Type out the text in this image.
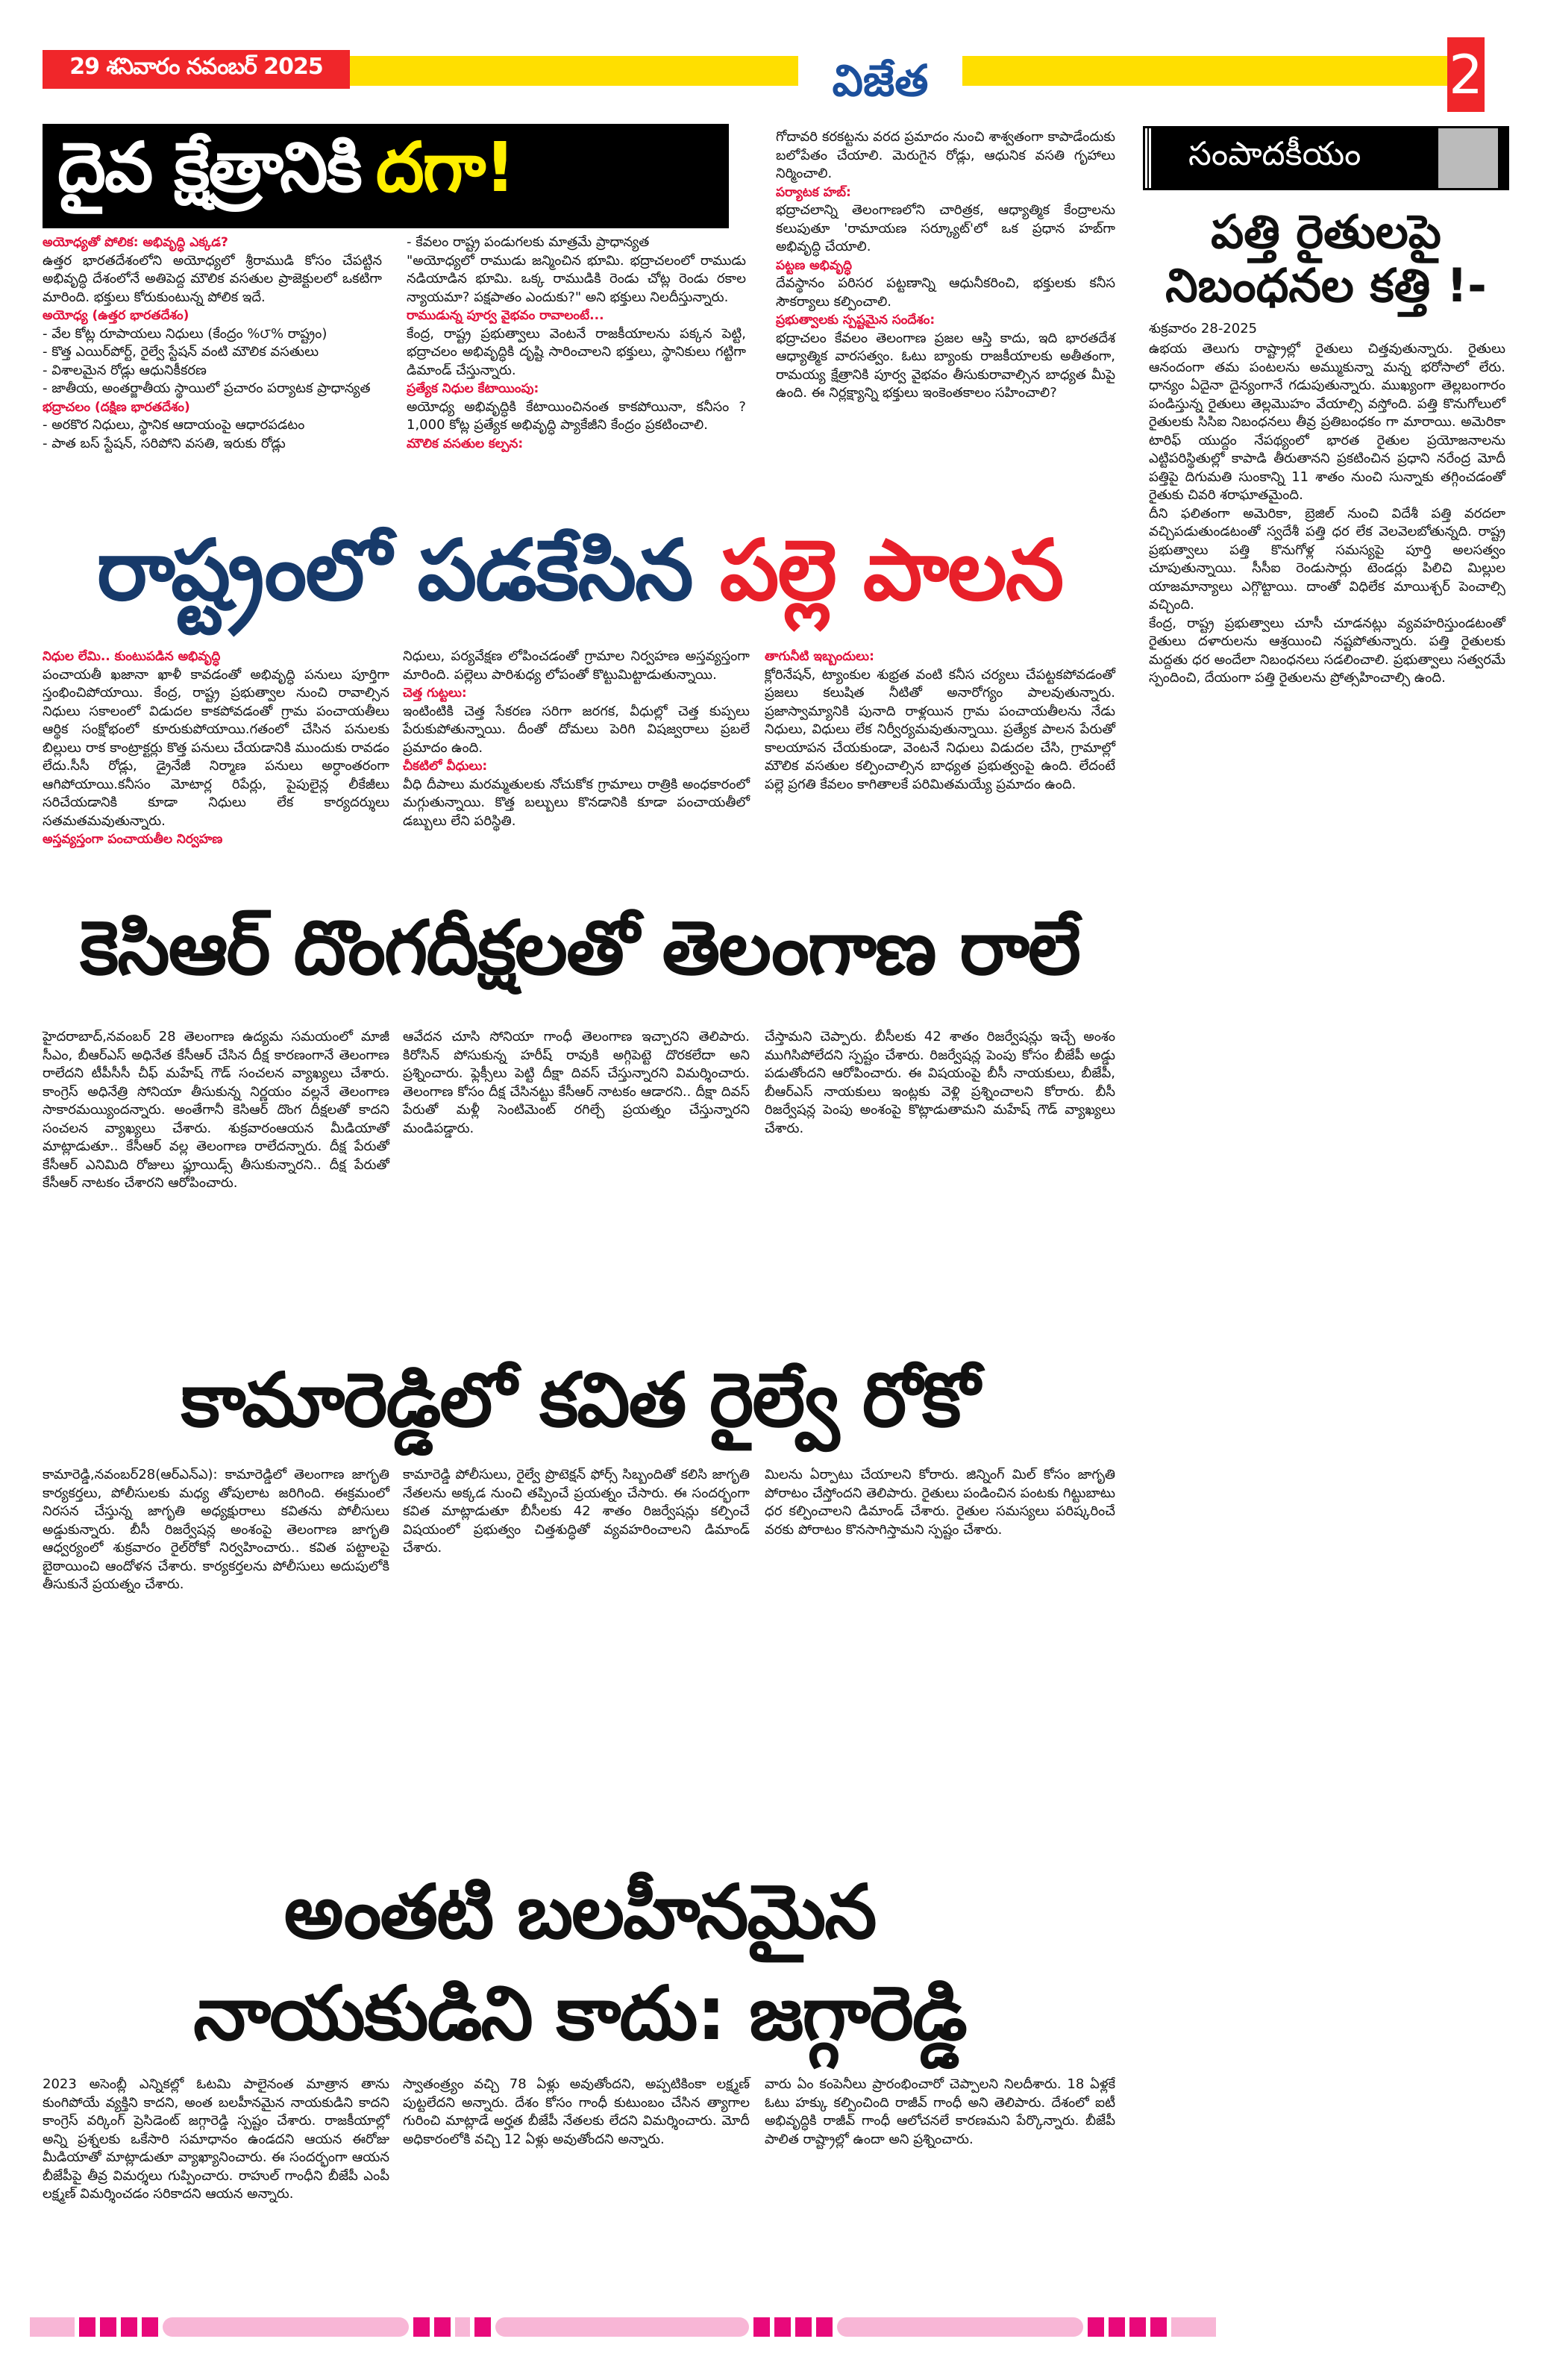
29 శనివారం నవంబర్ 2025	విజేత	2
దైవ క్షేత్రానికి దగా!

అయోధ్యతో పోలిక: అభివృద్ధి ఎక్కడ?

ఉత్తర భారతదేశంలోని అయోధ్యలో శ్రీరాముడి కోసం చేపట్టిన అభివృద్ధి దేశంలోనే అతిపెద్ద మౌలిక వసతుల ప్రాజెక్టులలో ఒకటిగా మారింది. భక్తులు కోరుకుంటున్న పోలిక ఇదే.

అయోధ్య (ఉత్తర భారతదేశం)

- వేల కోట్ల రూపాయలు నిధులు (కేంద్రం %౮% రాష్ట్రం)

- కొత్త ఎయిర్‌పోర్ట్, రైల్వే స్టేషన్ వంటి మౌలిక వసతులు

- విశాలమైన రోడ్లు ఆధునికీకరణ

- జాతీయ, అంతర్జాతీయ స్థాయిలో ప్రచారం పర్యాటక ప్రాధాన్యత

భద్రాచలం (దక్షిణ భారతదేశం)

- అరకొర నిధులు, స్థానిక ఆదాయంపై ఆధారపడటం

- పాత బస్ స్టేషన్, సరిపోని వసతి, ఇరుకు రోడ్లు

- కేవలం రాష్ట్ర పండుగలకు మాత్రమే ప్రాధాన్యత

"అయోధ్యలో రాముడు జన్మించిన భూమి. భద్రాచలంలో రాముడు నడియాడిన భూమి. ఒక్క రాముడికి రెండు చోట్ల రెండు రకాల న్యాయమా? పక్షపాతం ఎందుకు?" అని భక్తులు నిలదీస్తున్నారు.

రాముడున్న పూర్వ వైభవం రావాలంటే...

కేంద్ర, రాష్ట్ర ప్రభుత్వాలు వెంటనే రాజకీయాలను పక్కన పెట్టి, భద్రాచలం అభివృద్ధికి దృష్టి సారించాలని భక్తులు, స్థానికులు గట్టిగా డిమాండ్ చేస్తున్నారు.

ప్రత్యేక నిధుల కేటాయింపు:

అయోధ్య అభివృద్ధికి కేటాయించినంత కాకపోయినా, కనీసం ?1,000 కోట్ల ప్రత్యేక అభివృద్ధి ప్యాకేజీని కేంద్రం ప్రకటించాలి.

మౌలిక వసతుల కల్పన:

గోదావరి కరకట్టను వరద ప్రమాదం నుంచి శాశ్వతంగా కాపాడేందుకు బలోపేతం చేయాలి. మెరుగైన రోడ్లు, ఆధునిక వసతి గృహాలు నిర్మించాలి.

పర్యాటక హబ్:

భద్రాచలాన్ని తెలంగాణలోని చారిత్రక, ఆధ్యాత్మిక కేంద్రాలను కలుపుతూ 'రామాయణ సర్క్యూట్'లో ఒక ప్రధాన హబ్‌గా అభివృద్ధి చేయాలి.

పట్టణ అభివృద్ధి

దేవస్థానం పరిసర పట్టణాన్ని ఆధునీకరించి, భక్తులకు కనీస సౌకర్యాలు కల్పించాలి.

ప్రభుత్వాలకు స్పష్టమైన సందేశం:

భద్రాచలం కేవలం తెలంగాణ ప్రజల ఆస్తి కాదు, ఇది భారతదేశ ఆధ్యాత్మిక వారసత్వం. ఓటు బ్యాంకు రాజకీయాలకు అతీతంగా, రామయ్య క్షేత్రానికి పూర్వ వైభవం తీసుకురావాల్సిన బాధ్యత మీపై ఉంది. ఈ నిర్లక్ష్యాన్ని భక్తులు ఇంకెంతకాలం సహించాలి?

రాష్ట్రంలో పడకేసిన పల్లె పాలన

నిధుల లేమి.. కుంటుపడిన అభివృద్ధి

పంచాయతీ ఖజానా ఖాళీ కావడంతో అభివృద్ధి పనులు పూర్తిగా స్తంభించిపోయాయి. కేంద్ర, రాష్ట్ర ప్రభుత్వాల నుంచి రావాల్సిన నిధులు సకాలంలో విడుదల కాకపోవడంతో గ్రామ పంచాయతీలు ఆర్థిక సంక్షోభంలో కూరుకుపోయాయి.గతంలో చేసిన పనులకు బిల్లులు రాక కాంట్రాక్టర్లు కొత్త పనులు చేయడానికి ముందుకు రావడం లేదు.సీసీ రోడ్లు, డ్రైనేజీ నిర్మాణ పనులు అర్ధాంతరంగా ఆగిపోయాయి.కనీసం మోటార్ల రిపేర్లు, పైపులైన్ల లీకేజీలు సరిచేయడానికి కూడా నిధులు లేక కార్యదర్శులు సతమతమవుతున్నారు.

అస్తవ్యస్తంగా పంచాయతీల నిర్వహణ

నిధులు, పర్యవేక్షణ లోపించడంతో గ్రామాల నిర్వహణ అస్తవ్యస్తంగా మారింది. పల్లెలు పారిశుధ్య లోపంతో కొట్టుమిట్టాడుతున్నాయి.

చెత్త గుట్టలు:

ఇంటింటికి చెత్త సేకరణ సరిగా జరగక, వీధుల్లో చెత్త కుప్పలు పేరుకుపోతున్నాయి. దీంతో దోమలు పెరిగి విషజ్వరాలు ప్రబలే ప్రమాదం ఉంది.

చీకటిలో వీధులు:

వీధి దీపాలు మరమ్మతులకు నోచుకోక గ్రామాలు రాత్రికి అంధకారంలో మగ్గుతున్నాయి. కొత్త బల్బులు కొనడానికి కూడా పంచాయతీలో డబ్బులు లేని పరిస్థితి.

తాగునీటి ఇబ్బందులు:

క్లోరినేషన్, ట్యాంకుల శుభ్రత వంటి కనీస చర్యలు చేపట్టకపోవడంతో ప్రజలు కలుషిత నీటితో అనారోగ్యం పాలవుతున్నారు. ప్రజాస్వామ్యానికి పునాది రాళ్లయిన గ్రామ పంచాయతీలను నేడు నిధులు, విధులు లేక నిర్వీర్యమవుతున్నాయి. ప్రత్యేక పాలన పేరుతో కాలయాపన చేయకుండా, వెంటనే నిధులు విడుదల చేసి, గ్రామాల్లో మౌలిక వసతుల కల్పించాల్సిన బాధ్యత ప్రభుత్వంపై ఉంది. లేదంటే పల్లె ప్రగతి కేవలం కాగితాలకే పరిమితమయ్యే ప్రమాదం ఉంది.

కెసిఆర్ దొంగదీక్షలతో తెలంగాణ రాలే

హైదరాబాద్,నవంబర్ 28 తెలంగాణ ఉద్యమ సమయంలో మాజీ సీఎం, బీఆర్ఎస్ అధినేత కేసీఆర్ చేసిన దీక్ష కారణంగానే తెలంగాణ రాలేదని టీపీసీసీ చీఫ్ మహేష్ గౌడ్ సంచలన వ్యాఖ్యలు చేశారు. కాంగ్రెస్ అధినేత్రి సోనియా తీసుకున్న నిర్ణయం వల్లనే తెలంగాణ సాకారమయ్యిందన్నారు. అంతేగానీ కెసిఆర్ దొంగ దీక్షలతో కాదని సంచలన వ్యాఖ్యలు చేశారు. శుక్రవారంఆయన మీడియాతో మాట్లాడుతూ.. కేసీఆర్ వల్ల తెలంగాణ రాలేదన్నారు. దీక్ష పేరుతో కేసీఆర్ ఎనిమిది రోజులు ఫ్లూయిడ్స్ తీసుకున్నారని.. దీక్ష పేరుతో కేసీఆర్ నాటకం చేశారని ఆరోపించారు.

ఆవేదన చూసి సోనియా గాంధీ తెలంగాణ ఇచ్చారని తెలిపారు. కిరోసిన్ పోసుకున్న హరీష్ రావుకి అగ్గిపెట్టె దొరకలేదా అని ప్రశ్నించారు. ఫ్లెక్సీలు పెట్టి దీక్షా దివస్ చేస్తున్నారని విమర్శించారు. తెలంగాణ కోసం దీక్ష చేసినట్టు కేసీఆర్ నాటకం ఆడారని.. దీక్షా దివస్ పేరుతో మళ్లీ సెంటిమెంట్ రగిల్చే ప్రయత్నం చేస్తున్నారని మండిపడ్డారు.

చేస్తామని చెప్పారు. బీసీలకు 42 శాతం రిజర్వేషన్లు ఇచ్చే అంశం ముగిసిపోలేదని స్పష్టం చేశారు. రిజర్వేషన్ల పెంపు కోసం బీజేపీ అడ్డు పడుతోందని ఆరోపించారు. ఈ విషయంపై బీసీ నాయకులు, బీజేపీ, బీఆర్ఎస్ నాయకులు ఇంట్లకు వెళ్లి ప్రశ్నించాలని కోరారు. బీసీ రిజర్వేషన్ల పెంపు అంశంపై కొట్లాడుతామని మహేష్ గౌడ్ వ్యాఖ్యలు చేశారు.

కామారెడ్డిలో కవిత రైల్వే రోకో

కామారెడ్డి,నవంబర్28(ఆర్ఎన్ఎ): కామారెడ్డిలో తెలంగాణ జాగృతి కార్యకర్తలు, పోలీసులకు మధ్య తోపులాట జరిగింది. ఈక్రమంలో నిరసన చేస్తున్న జాగృతి అధ్యక్షురాలు కవితను పోలీసులు అడ్డుకున్నారు. బీసీ రిజర్వేషన్ల అంశంపై తెలంగాణ జాగృతి ఆధ్వర్యంలో శుక్రవారం రైల్‌రోకో నిర్వహించారు.. కవిత పట్టాలపై బైఠాయించి ఆందోళన చేశారు. కార్యకర్తలను పోలీసులు అదుపులోకి తీసుకునే ప్రయత్నం చేశారు.

కామారెడ్డి పోలీసులు, రైల్వే ప్రొటెక్షన్ ఫోర్స్ సిబ్బందితో కలిసి జాగృతి నేతలను అక్కడ నుంచి తప్పించే ప్రయత్నం చేసారు. ఈ సందర్భంగా కవిత మాట్లాడుతూ బీసీలకు 42 శాతం రిజర్వేషన్లు కల్పించే విషయంలో ప్రభుత్వం చిత్తశుద్ధితో వ్యవహరించాలని డిమాండ్ చేశారు.

మిలను ఏర్పాటు చేయాలని కోరారు. జిన్నింగ్ మిల్ కోసం జాగృతి పోరాటం చేస్తోందని తెలిపారు. రైతులు పండించిన పంటకు గిట్టుబాటు ధర కల్పించాలని డిమాండ్ చేశారు. రైతుల సమస్యలు పరిష్కరించే వరకు పోరాటం కొనసాగిస్తామని స్పష్టం చేశారు.

అంతటి బలహీనమైన
నాయకుడిని కాదు: జగ్గారెడ్డి

2023 అసెంబ్లీ ఎన్నికల్లో ఓటమి పాలైనంత మాత్రాన తాను కుంగిపోయే వ్యక్తిని కాదని, అంత బలహీనమైన నాయకుడిని కాదని కాంగ్రెస్ వర్కింగ్ ప్రెసిడెంట్ జగ్గారెడ్డి స్పష్టం చేశారు. రాజకీయాల్లో అన్ని ప్రశ్నలకు ఒకేసారి సమాధానం ఉండదని ఆయన ఈరోజు మీడియాతో మాట్లాడుతూ వ్యాఖ్యానించారు. ఈ సందర్భంగా ఆయన బీజేపీపై తీవ్ర విమర్శలు గుప్పించారు. రాహుల్ గాంధీని బీజేపీ ఎంపీ లక్ష్మణ్ విమర్శించడం సరికాదని ఆయన అన్నారు.

స్వాతంత్ర్యం వచ్చి 78 ఏళ్లు అవుతోందని, అప్పటికింకా లక్ష్మణ్ పుట్టలేదని అన్నారు. దేశం కోసం గాంధీ కుటుంబం చేసిన త్యాగాల గురించి మాట్లాడే అర్హత బీజేపీ నేతలకు లేదని విమర్శించారు. మోదీ అధికారంలోకి వచ్చి 12 ఏళ్లు అవుతోందని అన్నారు.

వారు ఏం కంపెనీలు ప్రారంభించారో చెప్పాలని నిలదీశారు. 18 ఏళ్లకే ఓటు హక్కు కల్పించింది రాజీవ్ గాంధీ అని తెలిపారు. దేశంలో ఐటీ అభివృద్ధికి రాజీవ్ గాంధీ ఆలోచనలే కారణమని పేర్కొన్నారు. బీజేపీ పాలిత రాష్ట్రాల్లో ఉందా అని ప్రశ్నించారు.

సంపాదకీయం
పత్తి రైతులపై నిబంధనల కత్తి !-
శుక్రవారం 28-2025

ఉభయ తెలుగు రాష్ట్రాల్లో రైతులు చిత్తవుతున్నారు. రైతులు ఆనందంగా తమ పంటలను అమ్ముకున్నా మన్న భరోసాలో లేరు. ధాన్యం ఏదైనా దైన్యంగానే గడుపుతున్నారు. ముఖ్యంగా తెల్లబంగారం పండిస్తున్న రైతులు తెల్లమొహం వేయాల్సి వస్తోంది. పత్తి కొనుగోలులో రైతులకు సిసిఐ నిబంధనలు తీవ్ర ప్రతిబంధకం గా మారాయి. అమెరికా టారిఫ్ యుద్దం నేపథ్యంలో భారత రైతుల ప్రయోజనాలను ఎట్టిపరిస్థితుల్లో కాపాడి తీరుతానని ప్రకటించిన ప్రధాని నరేంద్ర మోదీ పత్తిపై దిగుమతి సుంకాన్ని 11 శాతం నుంచి సున్నాకు తగ్గించడంతో రైతుకు చివరి శరాఘాతమైంది.

దీని ఫలితంగా అమెరికా, బ్రెజిల్ నుంచి విదేశీ పత్తి వరదలా వచ్చిపడుతుండటంతో స్వదేశీ పత్తి ధర లేక వెలవెలబోతున్నది. రాష్ట్ర ప్రభుత్వాలు పత్తి కొనుగోళ్ల సమస్యపై పూర్తి అలసత్వం చూపుతున్నాయి. సీసీఐ రెండుసార్లు టెండర్లు పిలిచి మిల్లుల యాజమాన్యాలు ఎగ్గొట్టాయి. దాంతో విధిలేక మాయిశ్చర్ పెంచాల్సి వచ్చింది.

కేంద్ర, రాష్ట్ర ప్రభుత్వాలు చూసీ చూడనట్లు వ్యవహరిస్తుండటంతో రైతులు దళారులను ఆశ్రయించి నష్టపోతున్నారు. పత్తి రైతులకు మద్దతు ధర అందేలా నిబంధనలు సడలించాలి. ప్రభుత్వాలు సత్వరమే స్పందించి, దేయంగా పత్తి రైతులను ప్రోత్సహించాల్సి ఉంది.
